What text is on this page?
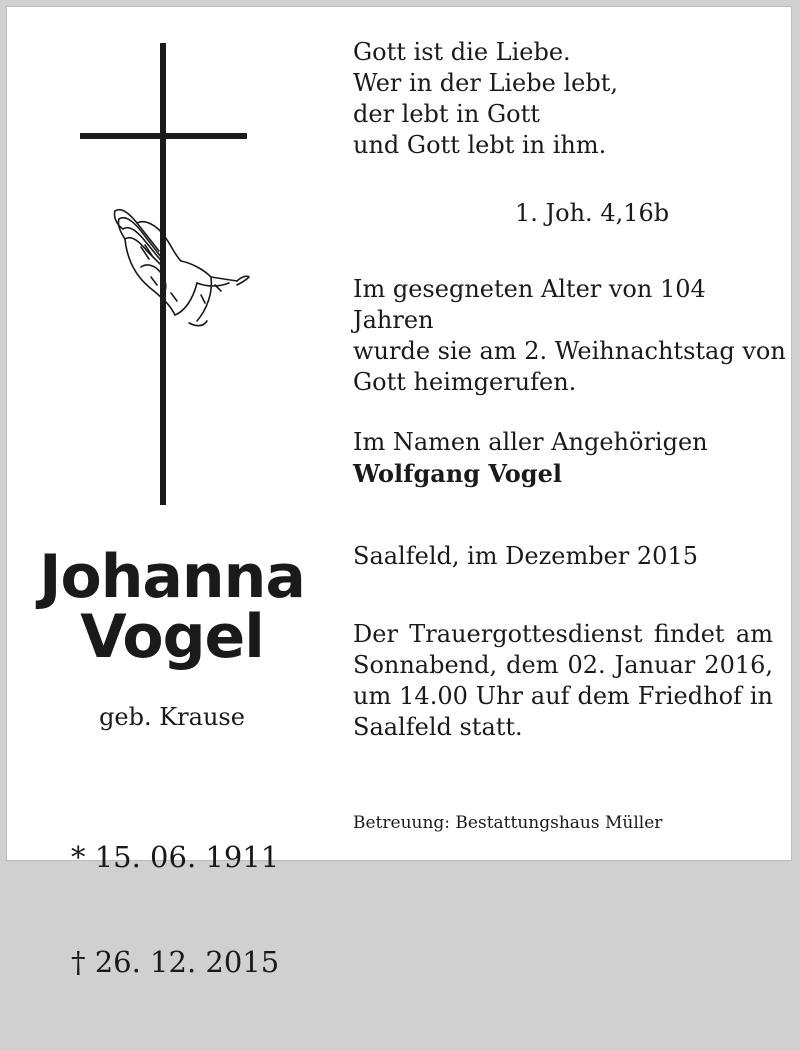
Johanna
Vogel
geb. Krause

* 15. 06. 1911

† 26. 12. 2015

Gott ist die Liebe.
Wer in der Liebe lebt,
der lebt in Gott
und Gott lebt in ihm.
1. Joh. 4,16b
Im gesegneten Alter von 104 Jahren
wurde sie am 2. Weihnachtstag von
Gott heimgerufen.
Im Namen aller Angehörigen
Wolfgang Vogel
Saalfeld, im Dezember 2015
Der Trauergottesdienst findet am
Sonnabend, dem 02. Januar 2016,
um 14.00 Uhr auf dem Friedhof in
Saalfeld statt.
Betreuung: Bestattungshaus Müller
